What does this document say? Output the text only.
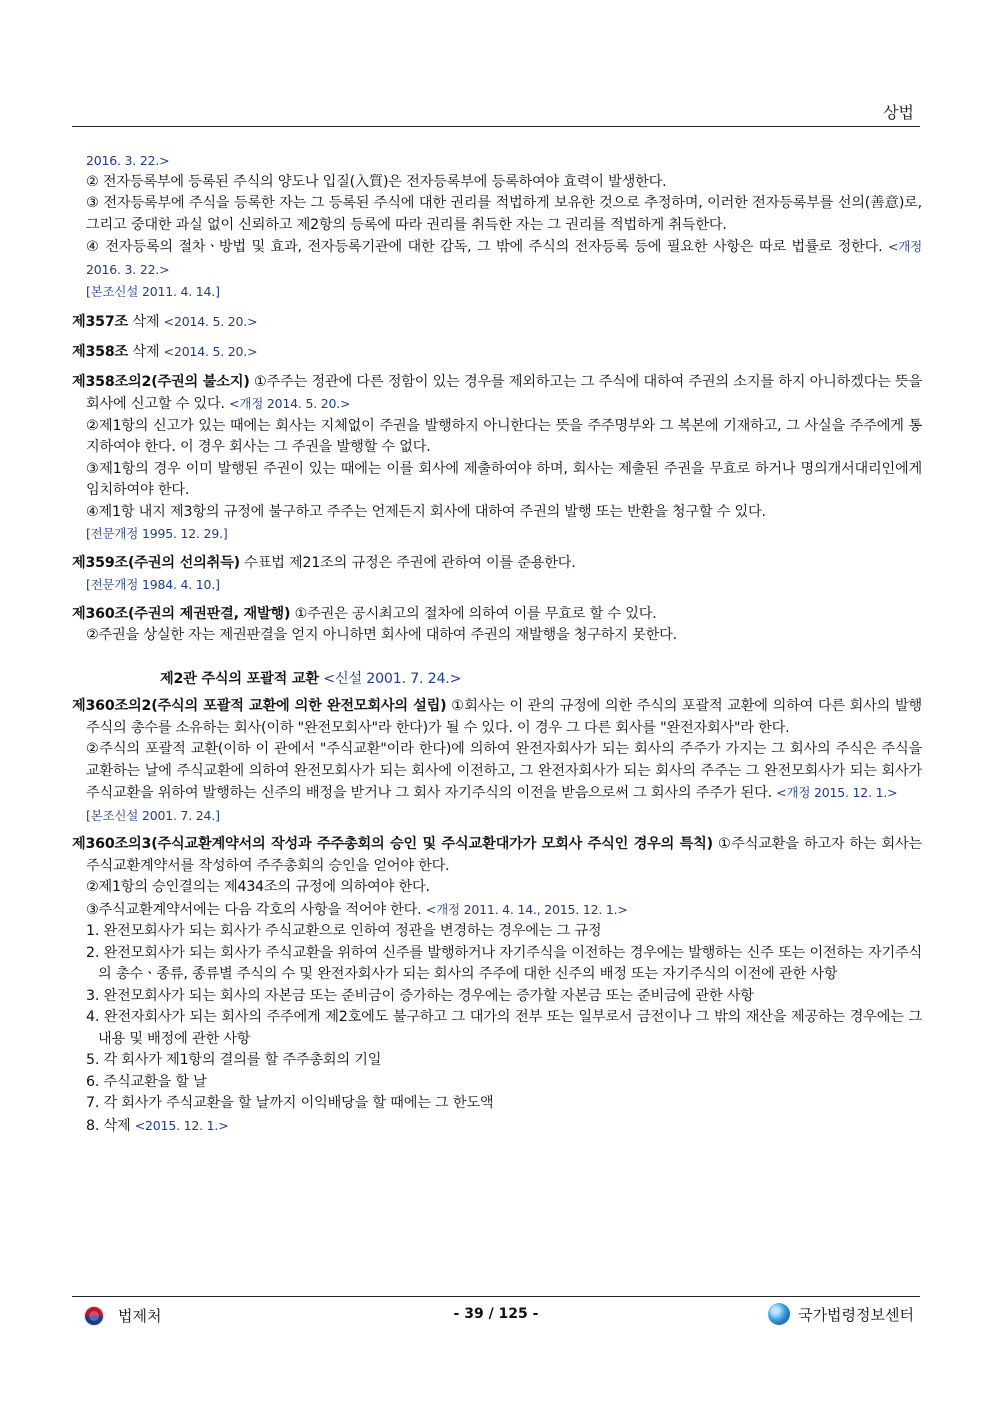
상법

2016. 3. 22.>

② 전자등록부에 등록된 주식의 양도나 입질(入質)은 전자등록부에 등록하여야 효력이 발생한다.

③ 전자등록부에 주식을 등록한 자는 그 등록된 주식에 대한 권리를 적법하게 보유한 것으로 추정하며, 이러한 전자등록부를 선의(善意)로, 그리고 중대한 과실 없이 신뢰하고 제2항의 등록에 따라 권리를 취득한 자는 그 권리를 적법하게 취득한다.

④ 전자등록의 절차ㆍ방법 및 효과, 전자등록기관에 대한 감독, 그 밖에 주식의 전자등록 등에 필요한 사항은 따로 법률로 정한다. <개정 2016. 3. 22.>

[본조신설 2011. 4. 14.]

제357조 삭제 <2014. 5. 20.>

제358조 삭제 <2014. 5. 20.>

제358조의2(주권의 불소지) ①주주는 정관에 다른 정함이 있는 경우를 제외하고는 그 주식에 대하여 주권의 소지를 하지 아니하겠다는 뜻을 회사에 신고할 수 있다. <개정 2014. 5. 20.>

②제1항의 신고가 있는 때에는 회사는 지체없이 주권을 발행하지 아니한다는 뜻을 주주명부와 그 복본에 기재하고, 그 사실을 주주에게 통지하여야 한다. 이 경우 회사는 그 주권을 발행할 수 없다.

③제1항의 경우 이미 발행된 주권이 있는 때에는 이를 회사에 제출하여야 하며, 회사는 제출된 주권을 무효로 하거나 명의개서대리인에게 임치하여야 한다.

④제1항 내지 제3항의 규정에 불구하고 주주는 언제든지 회사에 대하여 주권의 발행 또는 반환을 청구할 수 있다.

[전문개정 1995. 12. 29.]

제359조(주권의 선의취득) 수표법 제21조의 규정은 주권에 관하여 이를 준용한다.

[전문개정 1984. 4. 10.]

제360조(주권의 제권판결, 재발행) ①주권은 공시최고의 절차에 의하여 이를 무효로 할 수 있다.

②주권을 상실한 자는 제권판결을 얻지 아니하면 회사에 대하여 주권의 재발행을 청구하지 못한다.

제2관 주식의 포괄적 교환 <신설 2001. 7. 24.>

제360조의2(주식의 포괄적 교환에 의한 완전모회사의 설립) ①회사는 이 관의 규정에 의한 주식의 포괄적 교환에 의하여 다른 회사의 발행주식의 총수를 소유하는 회사(이하 "완전모회사"라 한다)가 될 수 있다. 이 경우 그 다른 회사를 "완전자회사"라 한다.

②주식의 포괄적 교환(이하 이 관에서 "주식교환"이라 한다)에 의하여 완전자회사가 되는 회사의 주주가 가지는 그 회사의 주식은 주식을 교환하는 날에 주식교환에 의하여 완전모회사가 되는 회사에 이전하고, 그 완전자회사가 되는 회사의 주주는 그 완전모회사가 되는 회사가 주식교환을 위하여 발행하는 신주의 배정을 받거나 그 회사 자기주식의 이전을 받음으로써 그 회사의 주주가 된다. <개정 2015. 12. 1.>

[본조신설 2001. 7. 24.]

제360조의3(주식교환계약서의 작성과 주주총회의 승인 및 주식교환대가가 모회사 주식인 경우의 특칙) ①주식교환을 하고자 하는 회사는 주식교환계약서를 작성하여 주주총회의 승인을 얻어야 한다.

②제1항의 승인결의는 제434조의 규정에 의하여야 한다.

③주식교환계약서에는 다음 각호의 사항을 적어야 한다. <개정 2011. 4. 14., 2015. 12. 1.>

1. 완전모회사가 되는 회사가 주식교환으로 인하여 정관을 변경하는 경우에는 그 규정

2. 완전모회사가 되는 회사가 주식교환을 위하여 신주를 발행하거나 자기주식을 이전하는 경우에는 발행하는 신주 또는 이전하는 자기주식의 총수ㆍ종류, 종류별 주식의 수 및 완전자회사가 되는 회사의 주주에 대한 신주의 배정 또는 자기주식의 이전에 관한 사항

3. 완전모회사가 되는 회사의 자본금 또는 준비금이 증가하는 경우에는 증가할 자본금 또는 준비금에 관한 사항

4. 완전자회사가 되는 회사의 주주에게 제2호에도 불구하고 그 대가의 전부 또는 일부로서 금전이나 그 밖의 재산을 제공하는 경우에는 그 내용 및 배정에 관한 사항

5. 각 회사가 제1항의 결의를 할 주주총회의 기일

6. 주식교환을 할 날

7. 각 회사가 주식교환을 할 날까지 이익배당을 할 때에는 그 한도액

8. 삭제 <2015. 12. 1.>

법제처	- 39 / 125 -	국가법령정보센터
